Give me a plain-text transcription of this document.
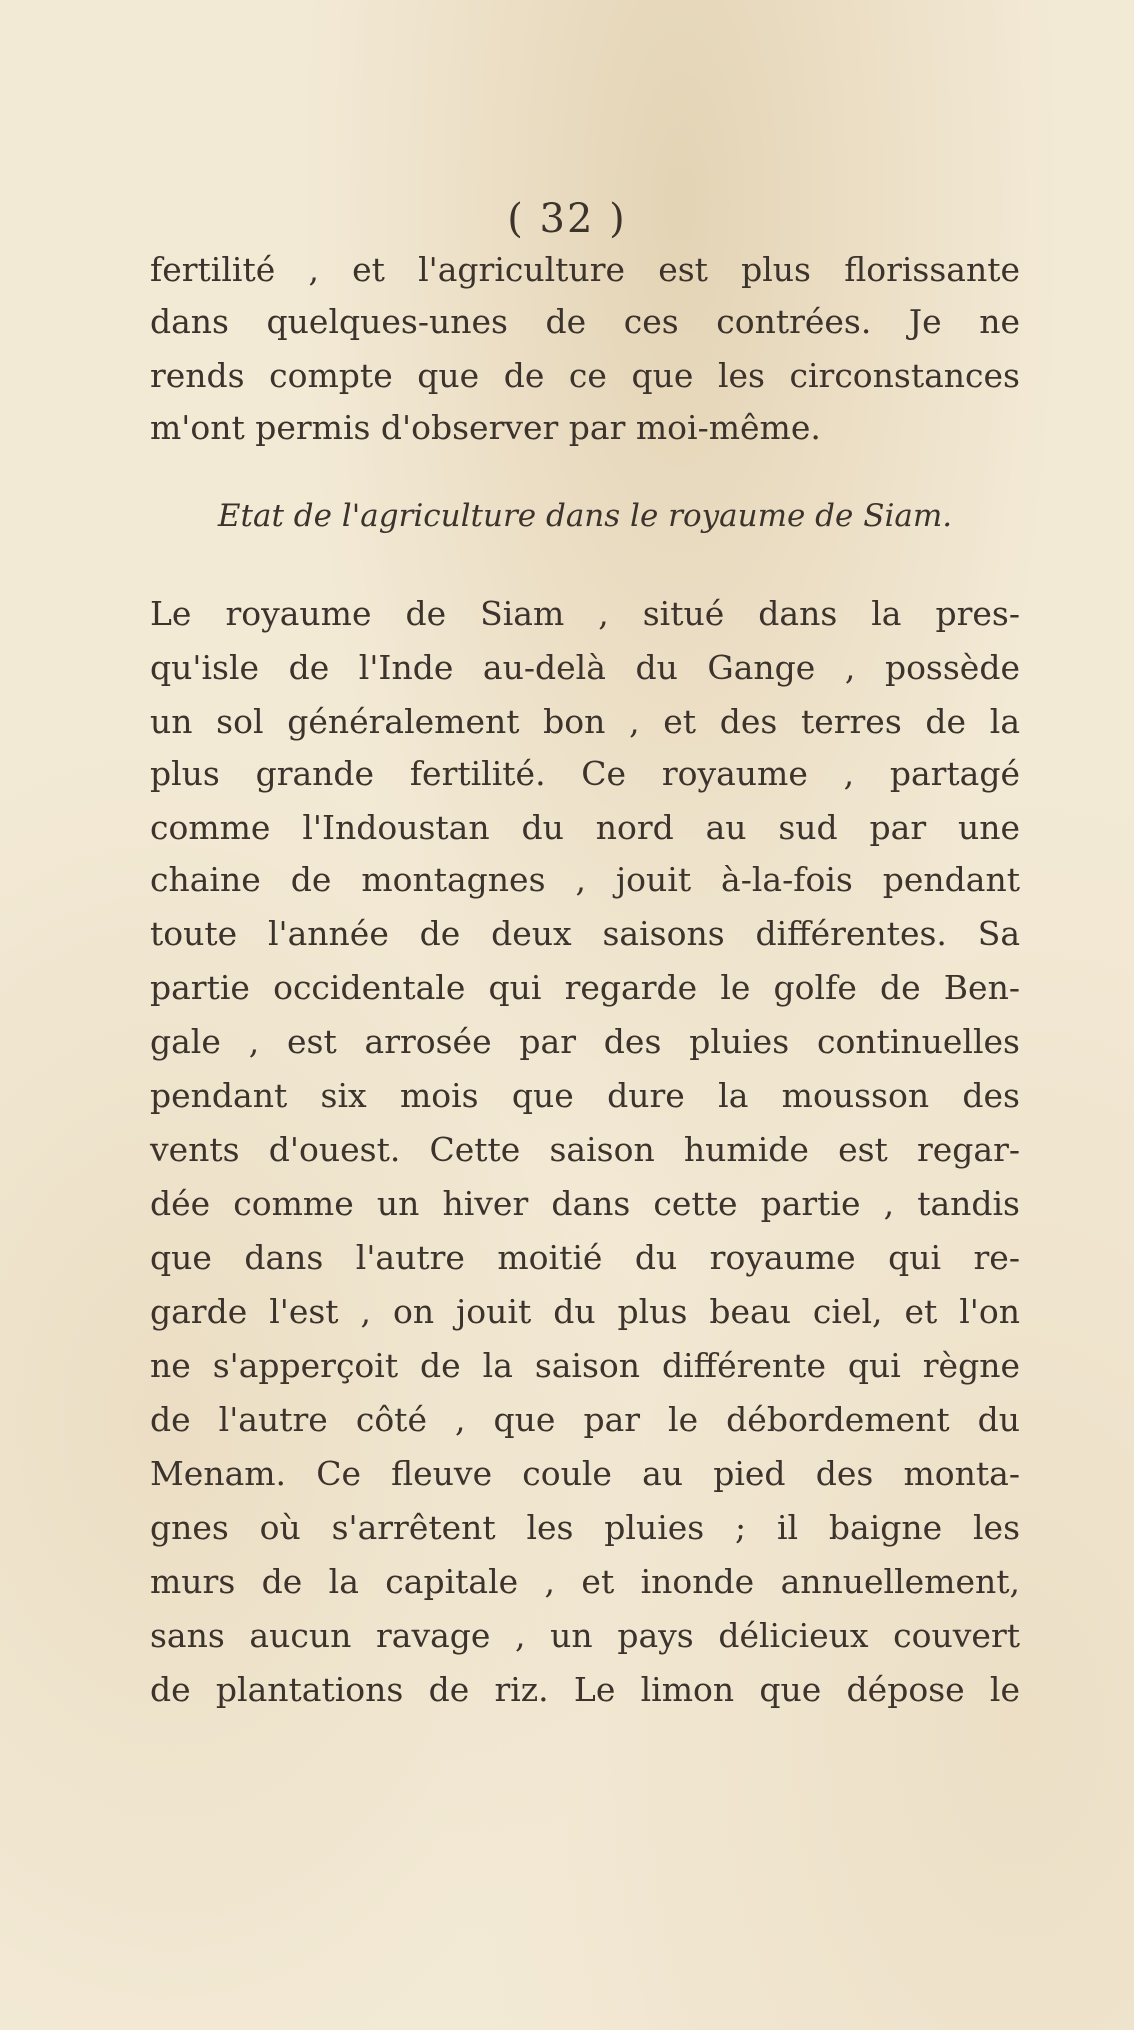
( 32 )
fertilité , et l'agriculture est plus florissante
dans quelques-unes de ces contrées. Je ne
rends compte que de ce que les circonstances
m'ont permis d'observer par moi-même.
Etat de l'agriculture dans le royaume de Siam.
Le royaume de Siam , situé dans la pres-
qu'isle de l'Inde au-delà du Gange , possède
un sol généralement bon , et des terres de la
plus grande fertilité. Ce royaume , partagé
comme l'Indoustan du nord au sud par une
chaine de montagnes , jouit à-la-fois pendant
toute l'année de deux saisons différentes. Sa
partie occidentale qui regarde le golfe de Ben-
gale , est arrosée par des pluies continuelles
pendant six mois que dure la mousson des
vents d'ouest. Cette saison humide est regar-
dée comme un hiver dans cette partie , tandis
que dans l'autre moitié du royaume qui re-
garde l'est , on jouit du plus beau ciel, et l'on
ne s'apperçoit de la saison différente qui règne
de l'autre côté , que par le débordement du
Menam. Ce fleuve coule au pied des monta-
gnes où s'arrêtent les pluies ; il baigne les
murs de la capitale , et inonde annuellement,
sans aucun ravage , un pays délicieux couvert
de plantations de riz. Le limon que dépose le
